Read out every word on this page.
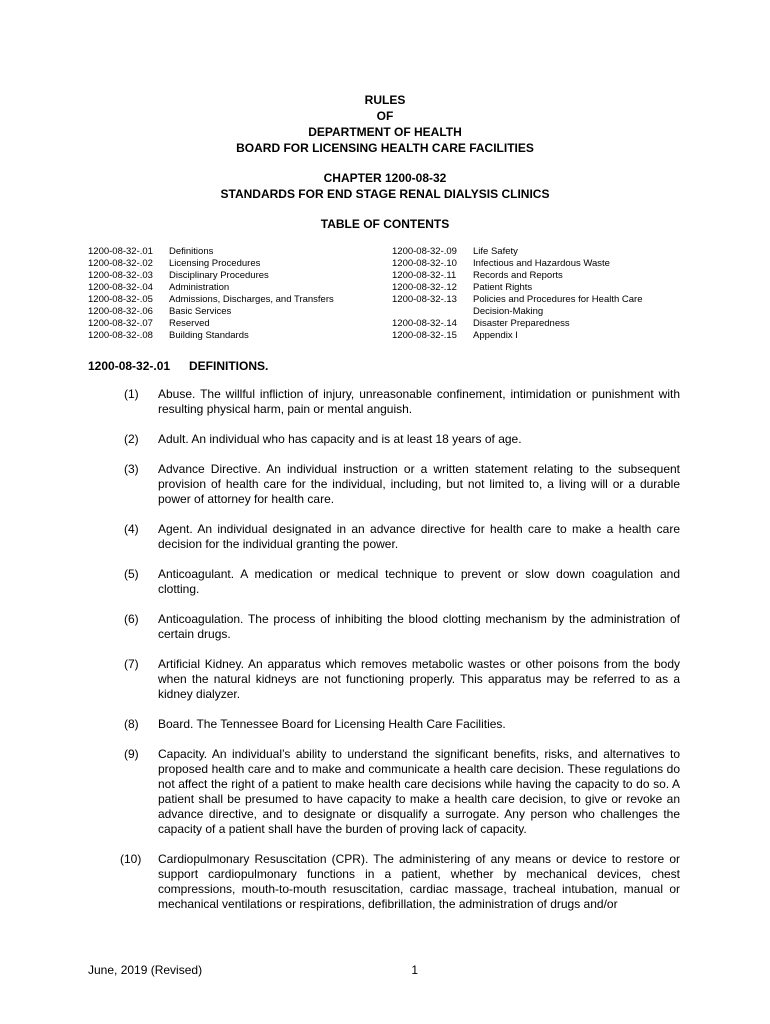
RULES
OF
DEPARTMENT OF HEALTH
BOARD FOR LICENSING HEALTH CARE FACILITIES
CHAPTER 1200-08-32
STANDARDS FOR END STAGE RENAL DIALYSIS CLINICS
TABLE OF CONTENTS
1200-08-32-.01	Definitions
1200-08-32-.02	Licensing Procedures
1200-08-32-.03	Disciplinary Procedures
1200-08-32-.04	Administration
1200-08-32-.05	Admissions, Discharges, and Transfers
1200-08-32-.06	Basic Services
1200-08-32-.07	Reserved
1200-08-32-.08	Building Standards
1200-08-32-.09	Life Safety
1200-08-32-.10	Infectious and Hazardous Waste
1200-08-32-.11	Records and Reports
1200-08-32-.12	Patient Rights
1200-08-32-.13	Policies and Procedures for Health Care
Decision-Making
1200-08-32-.14	Disaster Preparedness
1200-08-32-.15	Appendix I
1200-08-32-.01 DEFINITIONS.
(1) Abuse. The willful infliction of injury, unreasonable confinement, intimidation or punishment with resulting physical harm, pain or mental anguish.
(2) Adult. An individual who has capacity and is at least 18 years of age.
(3) Advance Directive. An individual instruction or a written statement relating to the subsequent provision of health care for the individual, including, but not limited to, a living will or a durable power of attorney for health care.
(4) Agent. An individual designated in an advance directive for health care to make a health care decision for the individual granting the power.
(5) Anticoagulant. A medication or medical technique to prevent or slow down coagulation and clotting.
(6) Anticoagulation. The process of inhibiting the blood clotting mechanism by the administration of certain drugs.
(7) Artificial Kidney. An apparatus which removes metabolic wastes or other poisons from the body when the natural kidneys are not functioning properly. This apparatus may be referred to as a kidney dialyzer.
(8) Board. The Tennessee Board for Licensing Health Care Facilities.
(9) Capacity. An individual’s ability to understand the significant benefits, risks, and alternatives to proposed health care and to make and communicate a health care decision. These regulations do not affect the right of a patient to make health care decisions while having the capacity to do so. A patient shall be presumed to have capacity to make a health care decision, to give or revoke an advance directive, and to designate or disqualify a surrogate. Any person who challenges the capacity of a patient shall have the burden of proving lack of capacity.
(10) Cardiopulmonary Resuscitation (CPR). The administering of any means or device to restore or support cardiopulmonary functions in a patient, whether by mechanical devices, chest compressions, mouth-to-mouth resuscitation, cardiac massage, tracheal intubation, manual or mechanical ventilations or respirations, defibrillation, the administration of drugs and/or
June, 2019 (Revised)	1
